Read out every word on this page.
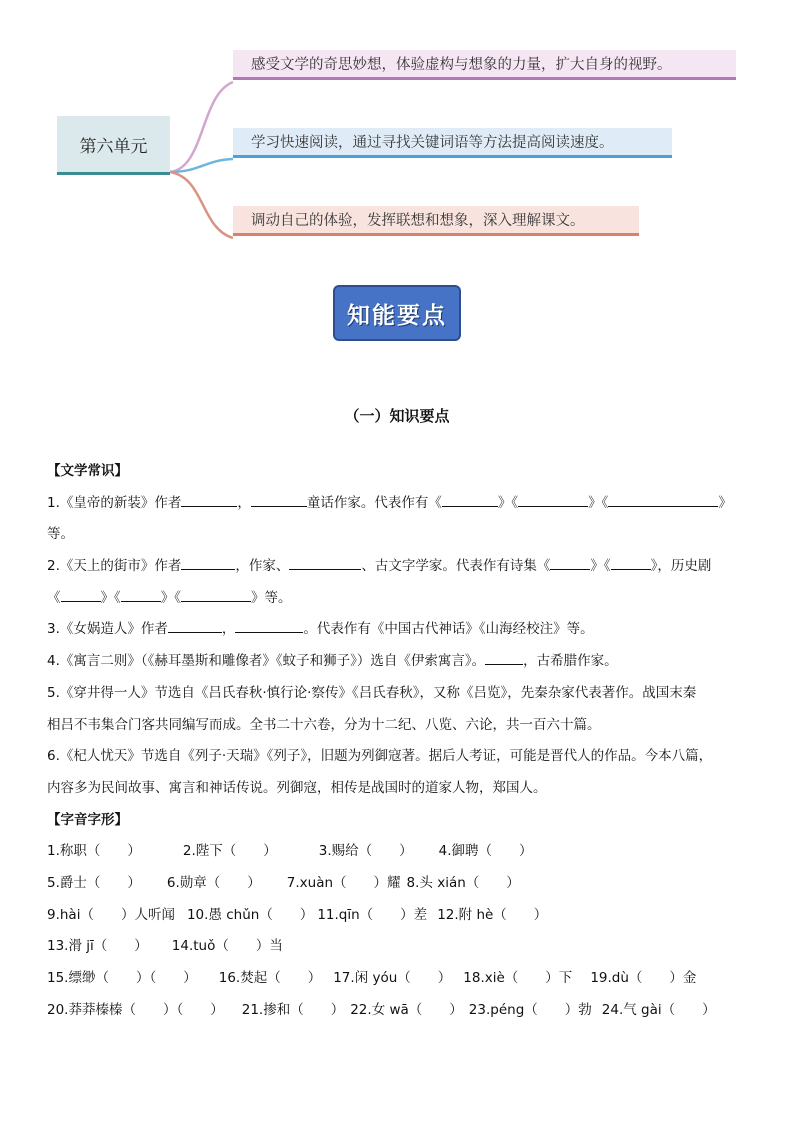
第六单元
感受文学的奇思妙想，体验虚构与想象的力量，扩大自身的视野。
学习快速阅读，通过寻找关键词语等方法提高阅读速度。
调动自己的体验，发挥联想和想象，深入理解课文。
知能要点
（一）知识要点
【文学常识】
1.《皇帝的新装》作者	，	童话作家。代表作有《	》《	》《	》
等。
2.《天上的街市》作者	，作家、	、古文字学家。代表作有诗集《	》《	》，历史剧
《	》《	》《	》等。
3.《女娲造人》作者	，	。代表作有《中国古代神话》《山海经校注》等。
4.《寓言二则》（《赫耳墨斯和雕像者》《蚊子和狮子》）选自《伊索寓言》。	，古希腊作家。
5.《穿井得一人》节选自《吕氏春秋·慎行论·察传》《吕氏春秋》，又称《吕览》，先秦杂家代表著作。战国末秦
相吕不韦集合门客共同编写而成。全书二十六卷，分为十二纪、八览、六论，共一百六十篇。
6.《杞人忧天》节选自《列子·天瑞》《列子》，旧题为列御寇著。据后人考证，可能是晋代人的作品。今本八篇，
内容多为民间故事、寓言和神话传说。列御寇，相传是战国时的道家人物，郑国人。
【字音字形】
1.称职（　　）	2.陛下（　　）	3.赐给（　　） 4.御聘（　　）
5.爵士（　　） 6.勋章（　　） 7.xuàn（　　）耀 8.头 xián（　　）
9.hài（　　）人听闻 10.愚 chǔn（　　） 11.qīn（　　）差 12.附 hè（　　）
13.滑 jī（　　） 14.tuǒ（　　）当
15.缥缈（　　）（　　） 16.焚起（　　） 17.闲 yóu（　　） 18.xiè（　　）下 19.dù（　　）金
20.莽莽榛榛（　　）（　　） 21.掺和（　　） 22.女 wā（　　） 23.péng（　　）勃 24.气 gài（　　）
